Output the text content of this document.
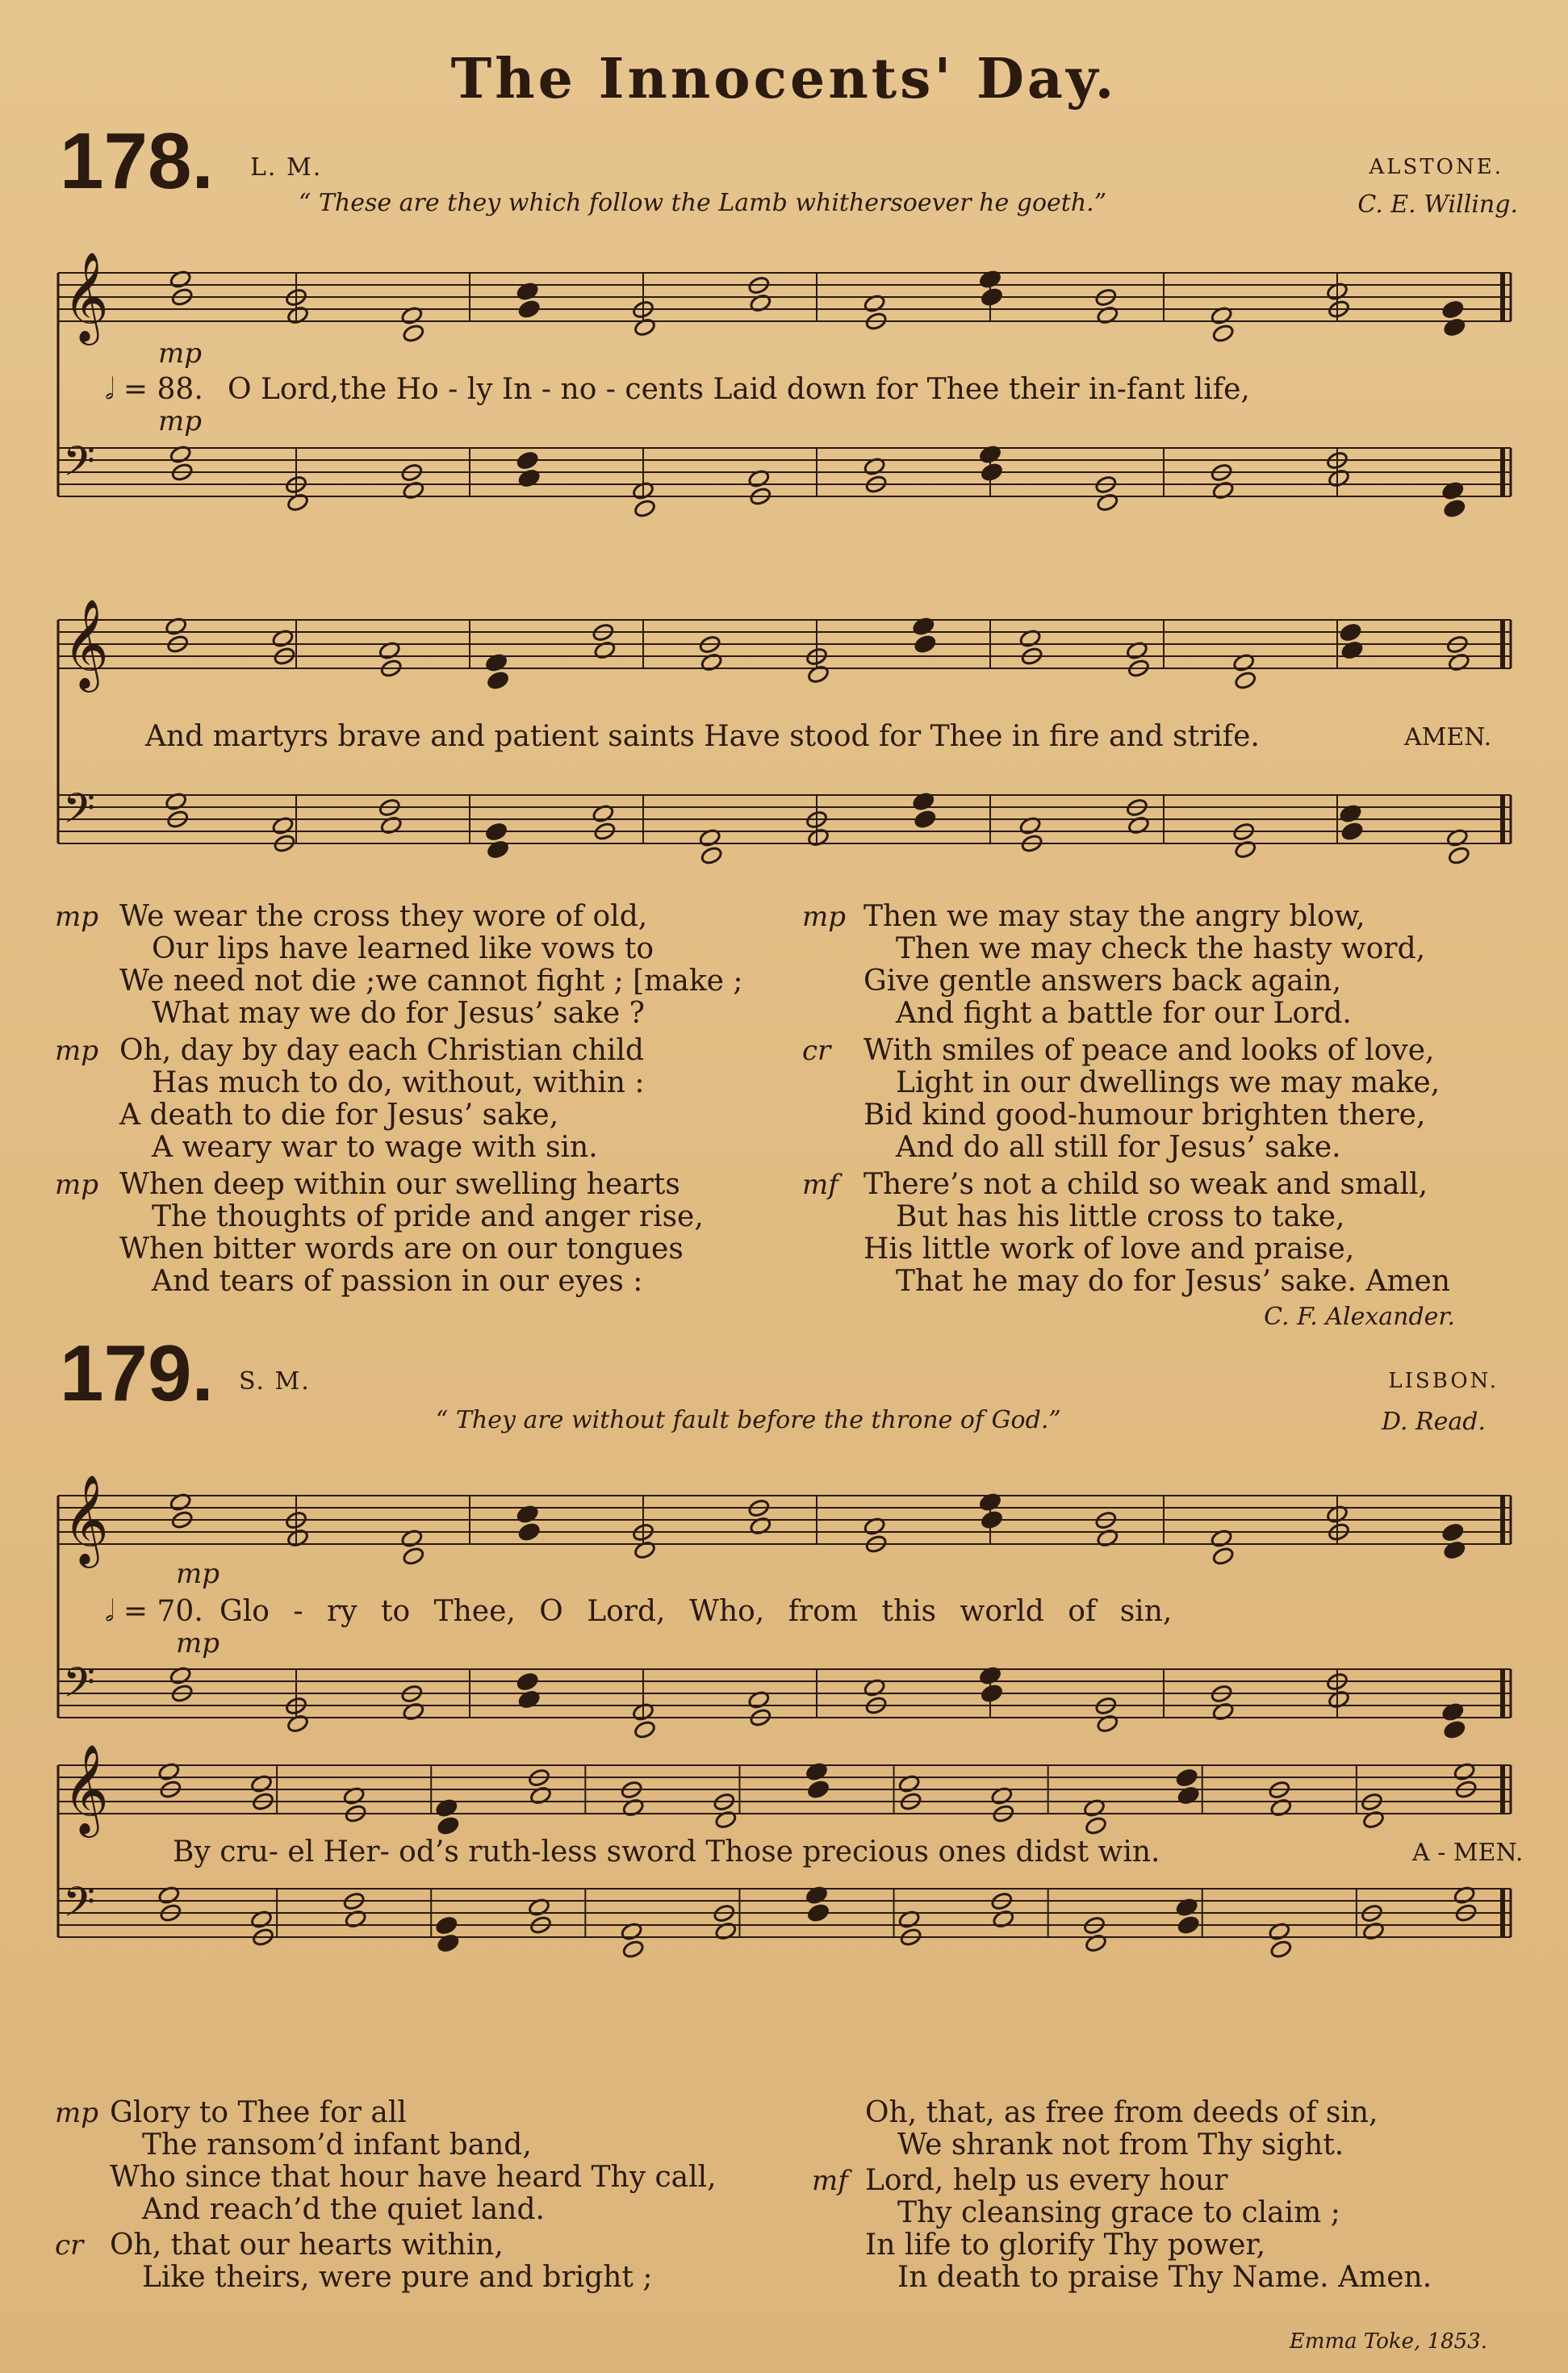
The Innocents' Day.
178. L. M.	ALSTONE.
“ These are they which follow the Lamb whithersoever he goeth.”	C. E. Willing.
mp
𝅗𝅥 = 88. O Lord,the Ho - ly In - no - cents Laid down for Thee their in-fant life,
mp
And martyrs brave and patient saints Have stood for Thee in fire and strife.	AMEN.
mp We wear the cross they wore of old,
Our lips have learned like vows to
We need not die ;we cannot fight ; [make ;
What may we do for Jesus’ sake ?
mp Oh, day by day each Christian child
Has much to do, without, within :
A death to die for Jesus’ sake,
A weary war to wage with sin.
mp When deep within our swelling hearts
The thoughts of pride and anger rise,
When bitter words are on our tongues
And tears of passion in our eyes :
mp Then we may stay the angry blow,
Then we may check the hasty word,
Give gentle answers back again,
And fight a battle for our Lord.
cr With smiles of peace and looks of love,
Light in our dwellings we may make,
Bid kind good-humour brighten there,
And do all still for Jesus’ sake.
mf There’s not a child so weak and small,
But has his little cross to take,
His little work of love and praise,
That he may do for Jesus’ sake. Amen
C. F. Alexander.
179. S. M.	LISBON.
“ They are without fault before the throne of God.”	D. Read.
mp
𝅗𝅥 = 70. Glo - ry to Thee, O Lord, Who, from this world of sin,
mp
By cru- el Her- od’s ruth-less sword Those precious ones didst win.	A - MEN.
mp Glory to Thee for all
The ransom’d infant band,
Who since that hour have heard Thy call,
And reach’d the quiet land.
cr Oh, that our hearts within,
Like theirs, were pure and bright ;
Oh, that, as free from deeds of sin,
We shrank not from Thy sight.
mf Lord, help us every hour
Thy cleansing grace to claim ;
In life to glorify Thy power,
In death to praise Thy Name. Amen.
Emma Toke, 1853.
𝄞
𝄢
𝄞
𝄢
𝄞
𝄢
𝄞
𝄢
